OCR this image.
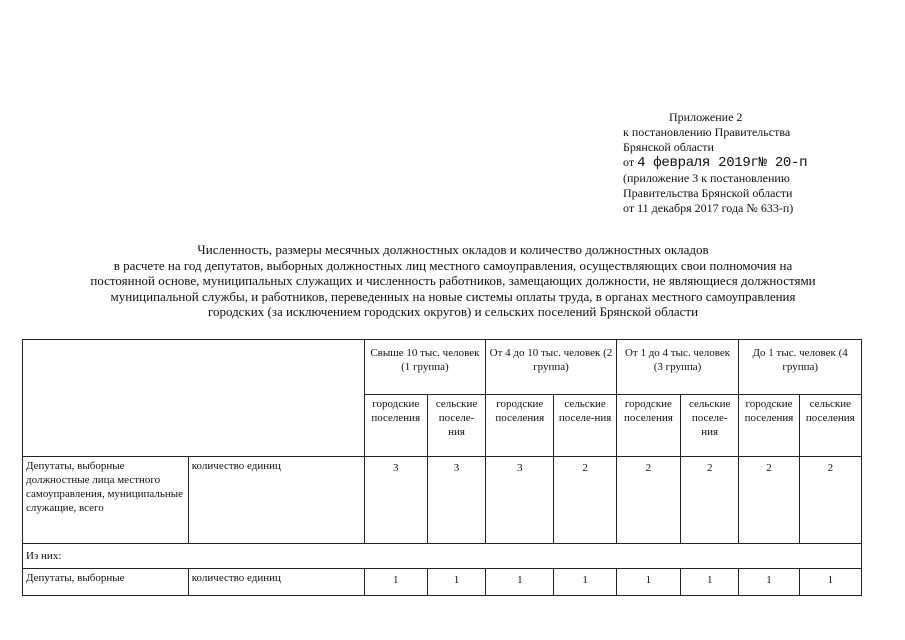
Приложение 2
к постановлению Правительства
Брянской области
от 4 февраля 2019г№ 20-п
(приложение 3 к постановлению
Правительства Брянской области
от 11 декабря 2017 года № 633-п)
Численность, размеры месячных должностных окладов и количество должностных окладов
в расчете на год депутатов, выборных должностных лиц местного самоуправления, осуществляющих свои полномочия на
постоянной основе, муниципальных служащих и численность работников, замещающих должности, не являющиеся должностями
муниципальной службы, и работников, переведенных на новые системы оплаты труда, в органах местного самоуправления
городских (за исключением городских округов) и сельских поселений Брянской области
		Свыше 10 тыс. человек (1 группа)		От 4 до 10 тыс. человек (2 группа)		От 1 до 4 тыс. человек (3 группа)		До 1 тыс. человек (4 группа)	
		городские поселения	сельские поселе-ния	городские поселения	сельские поселе-ния	городские поселения	сельские поселе-ния	городские поселения	сельские поселения
Депутаты, выборные должностные лица местного самоуправления, муниципальные служащие, всего	количество единиц	3	3	3	2	2	2	2	2
Из них:									
Депутаты, выборные	количество единиц	1	1	1	1	1	1	1	1
